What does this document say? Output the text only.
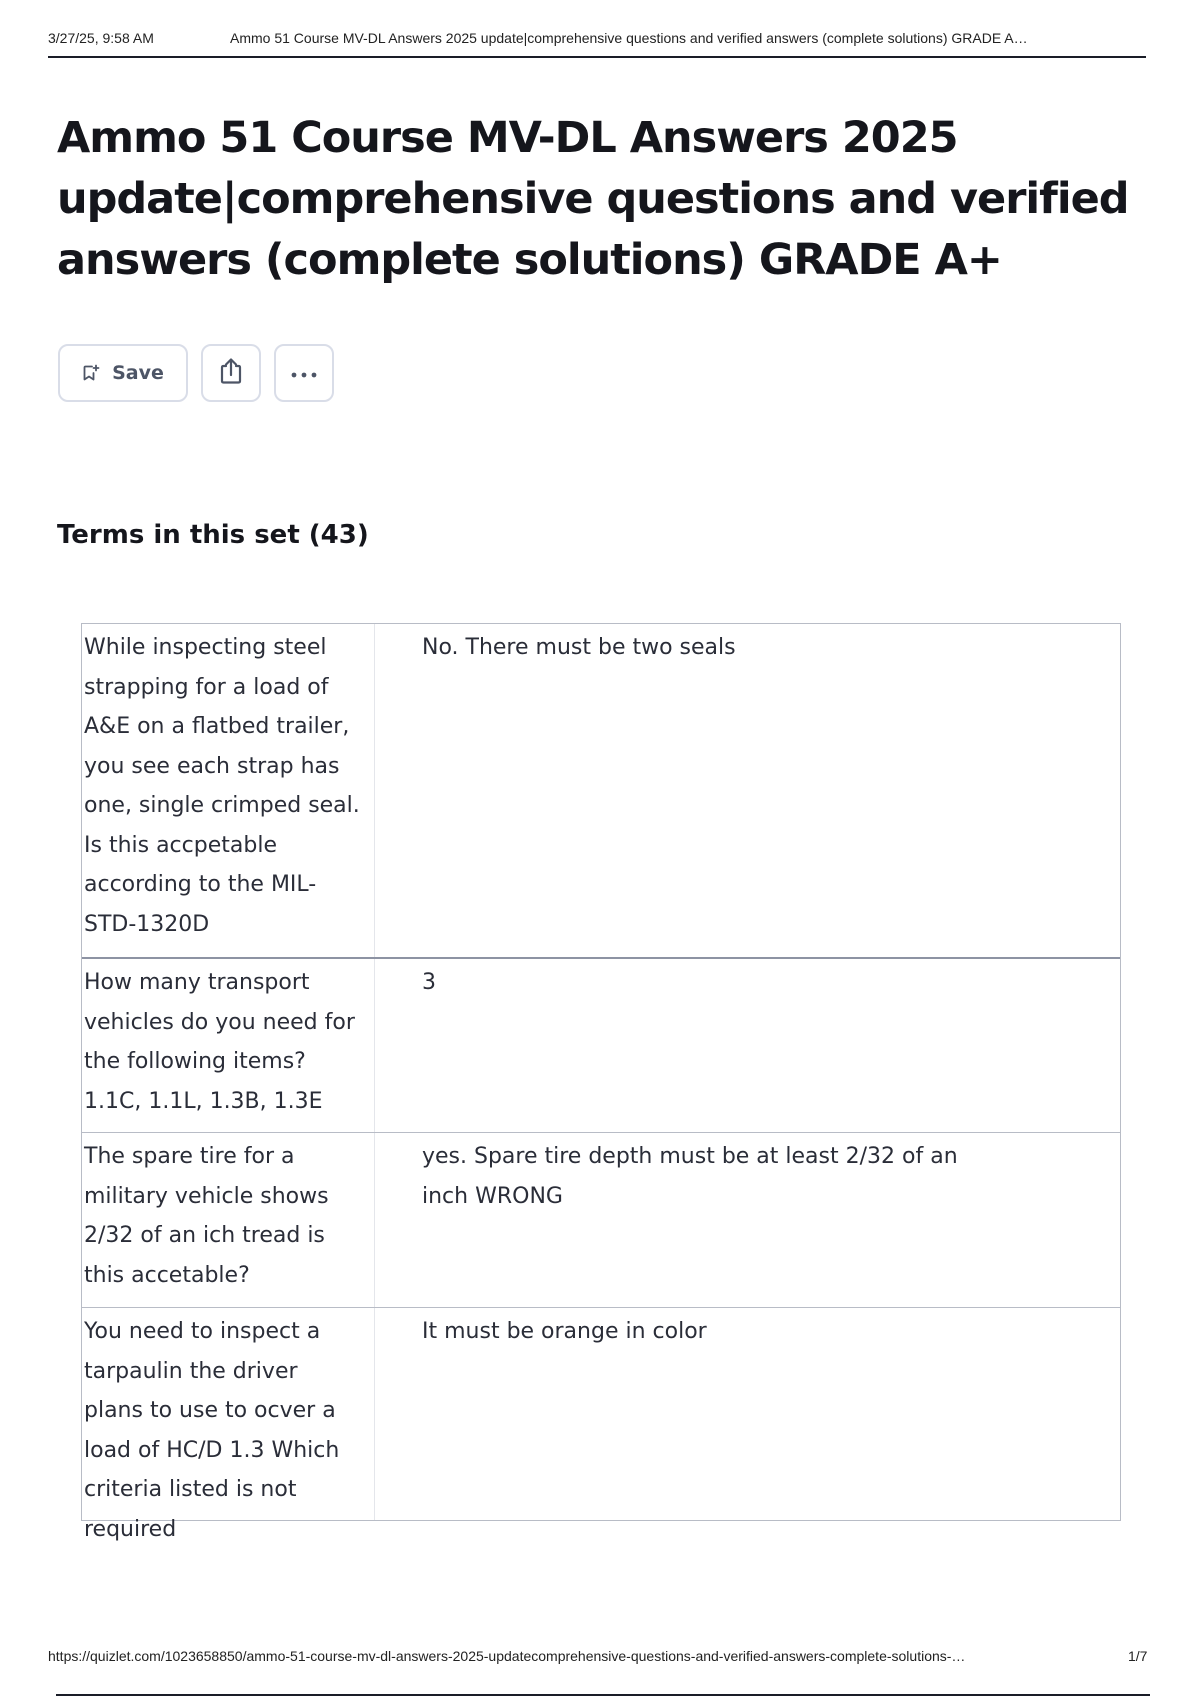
3/27/25, 9:58 AM	Ammo 51 Course MV-DL Answers 2025 update|comprehensive questions and verified answers (complete solutions) GRADE A…
Ammo 51 Course MV-DL Answers 2025 update|comprehensive questions and verified answers (complete solutions) GRADE A+
Save
Terms in this set (43)
While inspecting steel strapping for a load of A&E on a flatbed trailer, you see each strap has one, single crimped seal. Is this accpetable according to the MIL-STD-1320D
No. There must be two seals
How many transport vehicles do you need for the following items? 1.1C, 1.1L, 1.3B, 1.3E
3
The spare tire for a military vehicle shows 2/32 of an ich tread is this accetable?
yes. Spare tire depth must be at least 2/32 of an inch WRONG
You need to inspect a tarpaulin the driver plans to use to ocver a load of HC/D 1.3 Which criteria listed is not required
It must be orange in color
https://quizlet.com/1023658850/ammo-51-course-mv-dl-answers-2025-updatecomprehensive-questions-and-verified-answers-complete-solutions-…	1/7
